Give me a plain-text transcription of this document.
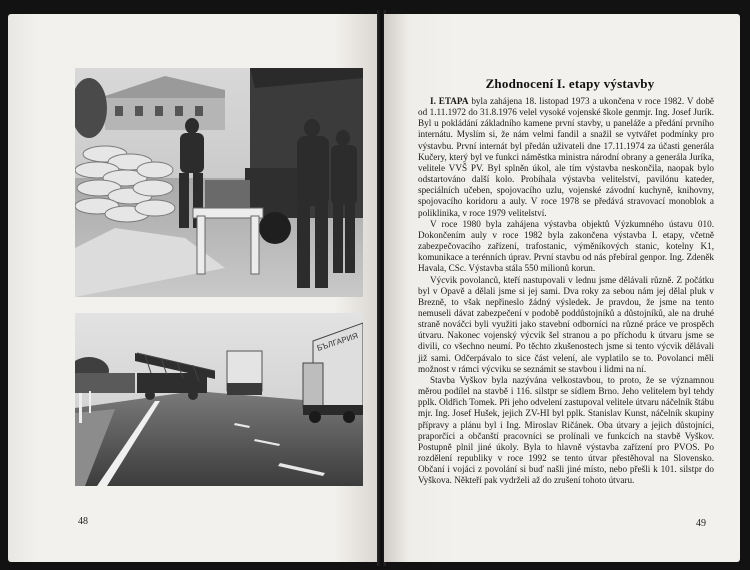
БЪЛГАРИЯ
48
Zhodnocení I. etapy výstavby

I. ETAPA byla zahájena 18. listopad 1973 a ukončena v roce 1982. V době od 1.11.1972 do 31.8.1976 velel vysoké vojenské škole genmjr. Ing. Josef Jurík. Byl u pokládání základního kamene první stavby, u paneláže a předání prvního internátu. Myslím si, že nám velmi fandil a snažil se vytvářet podmínky pro výstavbu. První internát byl předán uživateli dne 17.11.1974 za účasti generála Kučery, který byl ve funkci náměstka ministra národní obrany a generála Juríka, velitele VVŠ PV. Byl splněn úkol, ale tím výstavba neskončila, naopak bylo odstartováno další kolo. Probíhala výstavba velitelství, pavilónu kateder, speciálních učeben, spojovacího uzlu, vojenské závodní kuchyně, knihovny, spojovacího koridoru a auly. V roce 1978 se předává stravovací monoblok a poliklinika, v roce 1979 velitelství.

V roce 1980 byla zahájena výstavba objektů Výzkumného ústavu 010. Dokončením auly v roce 1982 byla zakončena výstavba I. etapy, včetně zabezpečovacího zařízení, trafostanic, výměníkových stanic, kotelny K1, komunikace a terénních úprav. První stavbu od nás přebíral genpor. Ing. Zdeněk Havala, CSc. Výstavba stála 550 milionů korun.

Výcvik povolanců, kteří nastupovali v lednu jsme dělávali různě. Z počátku byl v Opavě a dělali jsme si jej sami. Dva roky za sebou nám jej dělal pluk v Brezně, to však nepřineslo žádný výsledek. Je pravdou, že jsme na tento nemuseli dávat zabezpečení v podobě poddůstojníků a důstojníků, ale na druhé straně nováčci byli využiti jako stavební odborníci na různé práce ve prospěch útvaru. Nakonec vojenský výcvik šel stranou a po příchodu k útvaru jsme se divili, co všechno neumí. Po těchto zkušenostech jsme si tento výcvik dělávali již sami. Odčerpávalo to sice část velení, ale vyplatilo se to. Povolanci měli možnost v rámci výcviku se seznámit se stavbou i lidmi na ní.

Stavba Vyškov byla nazývána velkostavbou, to proto, že se významnou měrou podílel na stavbě i 116. silstpr se sídlem Brno. Jeho velitelem byl tehdy pplk. Oldřich Tomek. Při jeho odvelení zastupoval velitele útvaru náčelník štábu mjr. Ing. Josef Hušek, jejich ZV-HI byl pplk. Stanislav Kunst, náčelník skupiny přípravy a plánu byl i Ing. Miroslav Ričánek. Oba útvary a jejich důstojníci, praporčíci a občanští pracovníci se prolínali ve funkcích na stavbě Vyškov. Postupně plnil jiné úkoly. Byla to hlavně výstavba zařízení pro PVOS. Po rozdělení republiky v roce 1992 se tento útvar přestěhoval na Slovensko. Občaní i vojáci z povolání si buď našli jiné místo, nebo přešli k 101. silstpr do Vyškova. Někteří pak vydrželi až do zrušení tohoto útvaru.

49
